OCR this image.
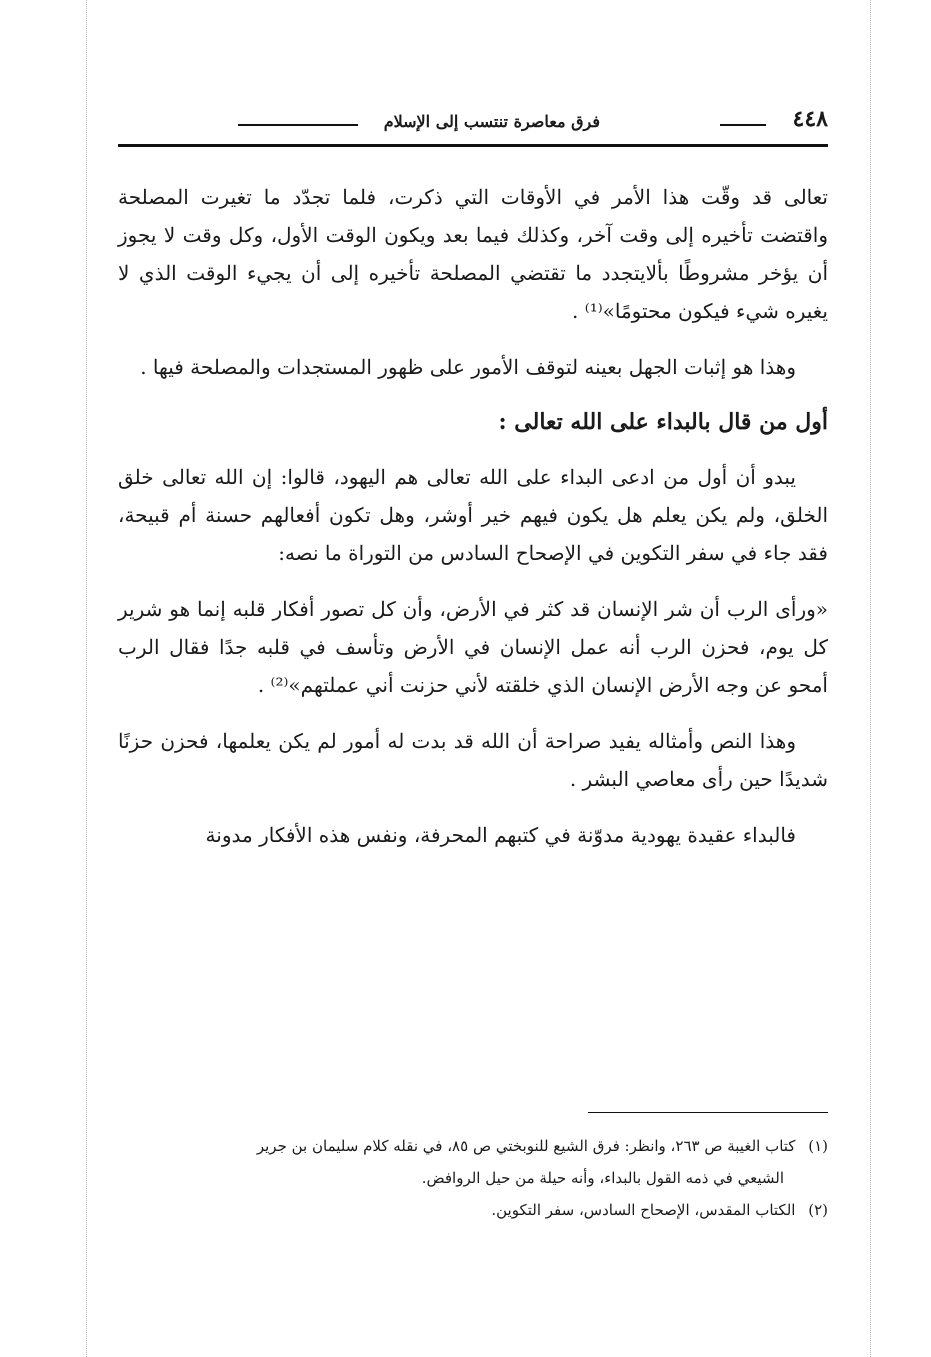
٤٤٨
فرق معاصرة تنتسب إلى الإسلام

تعالى قد وقّت هذا الأمر في الأوقات التي ذكرت، فلما تجدّد ما تغيرت المصلحة واقتضت تأخيره إلى وقت آخر، وكذلك فيما بعد ويكون الوقت الأول، وكل وقت لا يجوز أن يؤخر مشروطًا بألايتجدد ما تقتضي المصلحة تأخيره إلى أن يجيء الوقت الذي لا يغيره شيء فيكون محتومًا»⁽¹⁾ .

وهذا هو إثبات الجهل بعينه لتوقف الأمور على ظهور المستجدات والمصلحة فيها .

أول من قال بالبداء على الله تعالى :

يبدو أن أول من ادعى البداء على الله تعالى هم اليهود، قالوا: إن الله تعالى خلق الخلق، ولم يكن يعلم هل يكون فيهم خير أوشر، وهل تكون أفعالهم حسنة أم قبيحة، فقد جاء في سفر التكوين في الإصحاح السادس من التوراة ما نصه:

«ورأى الرب أن شر الإنسان قد كثر في الأرض، وأن كل تصور أفكار قلبه إنما هو شرير كل يوم، فحزن الرب أنه عمل الإنسان في الأرض وتأسف في قلبه جدًا فقال الرب أمحو عن وجه الأرض الإنسان الذي خلقته لأني حزنت أني عملتهم»⁽²⁾ .

وهذا النص وأمثاله يفيد صراحة أن الله قد بدت له أمور لم يكن يعلمها، فحزن حزنًا شديدًا حين رأى معاصي البشر .

فالبداء عقيدة يهودية مدوّنة في كتبهم المحرفة، ونفس هذه الأفكار مدونة

(١) كتاب الغيبة ص ٢٦٣، وانظر: فرق الشيع للنوبختي ص ٨٥، في نقله كلام سليمان بن جرير

الشيعي في ذمه القول بالبداء، وأنه حيلة من حيل الروافض.

(٢) الكتاب المقدس، الإصحاح السادس، سفر التكوين.
